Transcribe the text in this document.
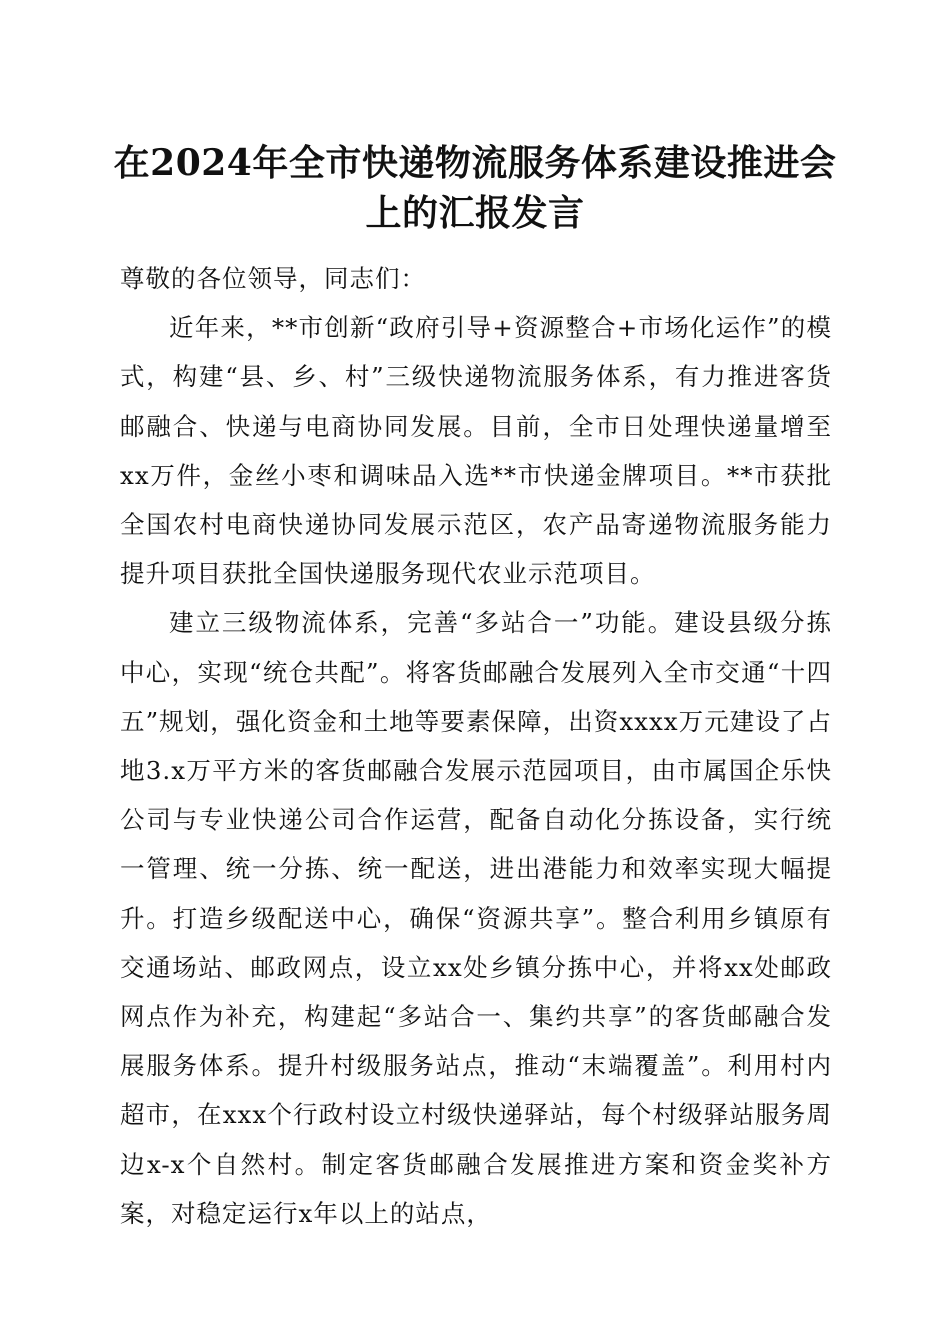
在2024年全市快递物流服务体系建设推进会上的汇报发言

尊敬的各位领导，同志们：

近年来，**市创新“政府引导+资源整合+市场化运作”的模式，构建“县、乡、村”三级快递物流服务体系，有力推进客货邮融合、快递与电商协同发展。目前，全市日处理快递量增至xx万件，金丝小枣和调味品入选**市快递金牌项目。**市获批全国农村电商快递协同发展示范区，农产品寄递物流服务能力提升项目获批全国快递服务现代农业示范项目。

建立三级物流体系，完善“多站合一”功能。建设县级分拣中心，实现“统仓共配”。将客货邮融合发展列入全市交通“十四五”规划，强化资金和土地等要素保障，出资xxxx万元建设了占地3.x万平方米的客货邮融合发展示范园项目，由市属国企乐快公司与专业快递公司合作运营，配备自动化分拣设备，实行统一管理、统一分拣、统一配送，进出港能力和效率实现大幅提升。打造乡级配送中心，确保“资源共享”。整合利用乡镇原有交通场站、邮政网点，设立xx处乡镇分拣中心，并将xx处邮政网点作为补充，构建起“多站合一、集约共享”的客货邮融合发展服务体系。提升村级服务站点，推动“末端覆盖”。利用村内超市，在xxx个行政村设立村级快递驿站，每个村级驿站服务周边x-x个自然村。制定客货邮融合发展推进方案和资金奖补方案，对稳定运行x年以上的站点，
